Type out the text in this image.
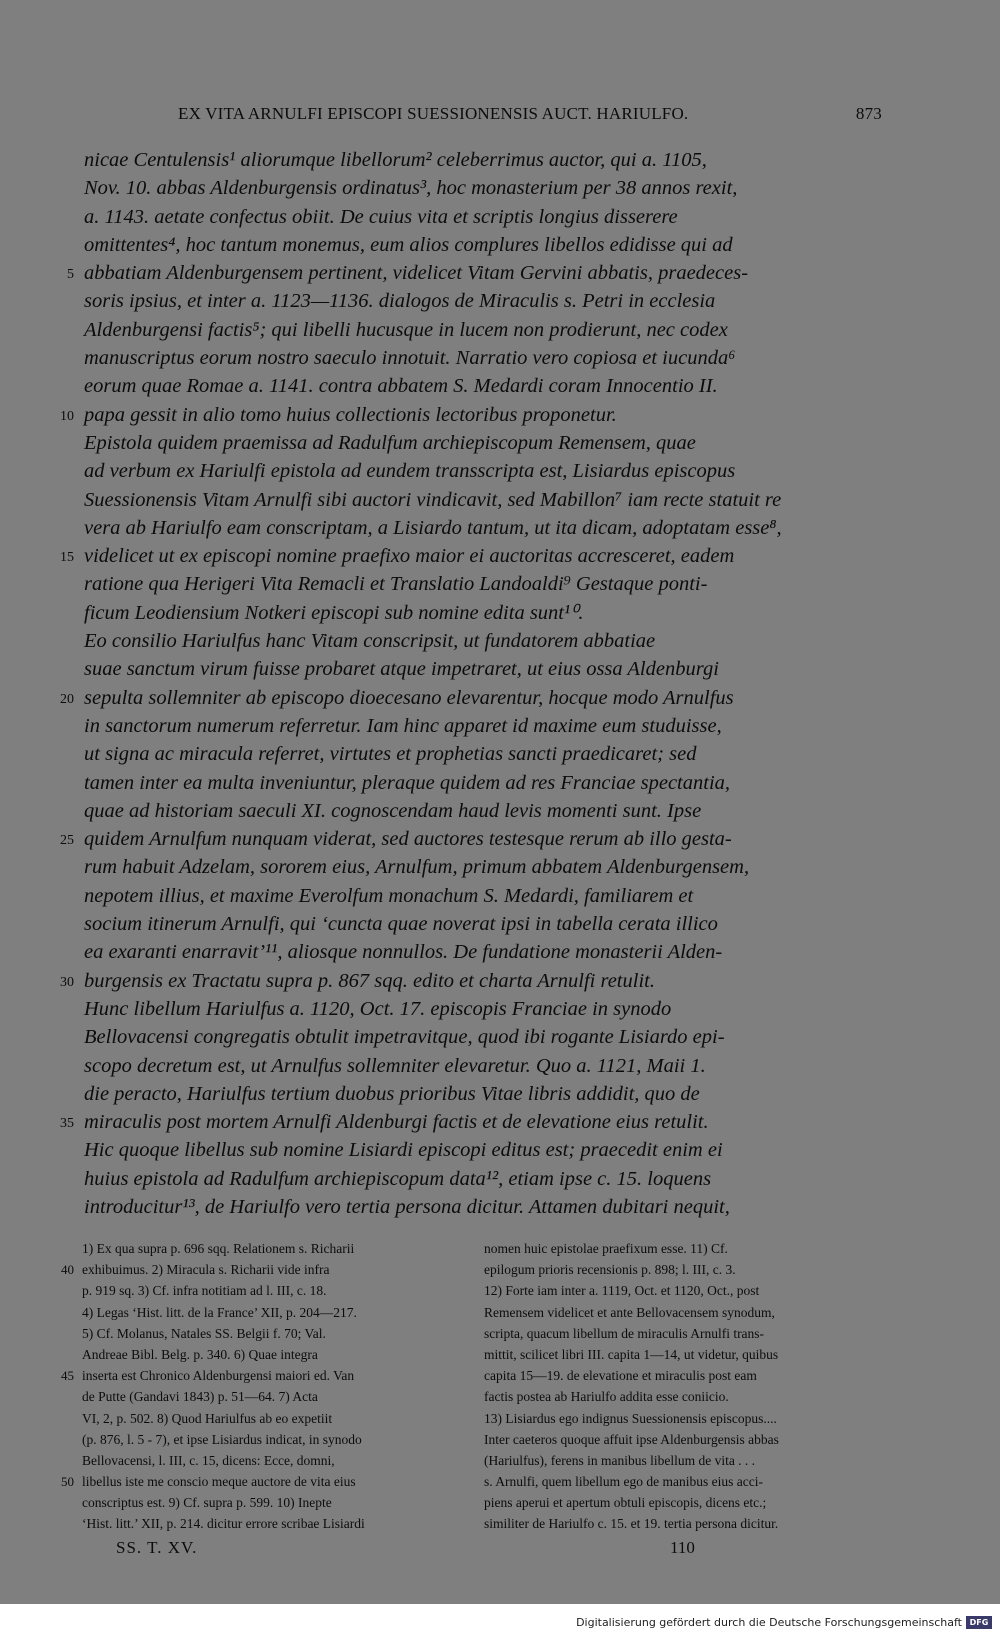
EX VITA ARNULFI EPISCOPI SUESSIONENSIS AUCT. HARIULFO.	873
nicae Centulensis¹ aliorumque libellorum² celeberrimus auctor, qui a. 1105,
Nov. 10. abbas Aldenburgensis ordinatus³, hoc monasterium per 38 annos rexit,
a. 1143. aetate confectus obiit. De cuius vita et scriptis longius disserere
omittentes⁴, hoc tantum monemus, eum alios complures libellos edidisse qui ad
5 abbatiam Aldenburgensem pertinent, videlicet Vitam Gervini abbatis, praedeces-
soris ipsius, et inter a. 1123—1136. dialogos de Miraculis s. Petri in ecclesia
Aldenburgensi factis⁵; qui libelli hucusque in lucem non prodierunt, nec codex
manuscriptus eorum nostro saeculo innotuit. Narratio vero copiosa et iucunda⁶
eorum quae Romae a. 1141. contra abbatem S. Medardi coram Innocentio II.
10 papa gessit in alio tomo huius collectionis lectoribus proponetur.
Epistola quidem praemissa ad Radulfum archiepiscopum Remensem, quae
ad verbum ex Hariulfi epistola ad eundem transscripta est, Lisiardus episcopus
Suessionensis Vitam Arnulfi sibi auctori vindicavit, sed Mabillon⁷ iam recte statuit re
vera ab Hariulfo eam conscriptam, a Lisiardo tantum, ut ita dicam, adoptatam esse⁸,
15 videlicet ut ex episcopi nomine praefixo maior ei auctoritas accresceret, eadem
ratione qua Herigeri Vita Remacli et Translatio Landoaldi⁹ Gestaque ponti-
ficum Leodiensium Notkeri episcopi sub nomine edita sunt¹⁰.
Eo consilio Hariulfus hanc Vitam conscripsit, ut fundatorem abbatiae
suae sanctum virum fuisse probaret atque impetraret, ut eius ossa Aldenburgi
20 sepulta sollemniter ab episcopo dioecesano elevarentur, hocque modo Arnulfus
in sanctorum numerum referretur. Iam hinc apparet id maxime eum studuisse,
ut signa ac miracula referret, virtutes et prophetias sancti praedicaret; sed
tamen inter ea multa inveniuntur, pleraque quidem ad res Franciae spectantia,
quae ad historiam saeculi XI. cognoscendam haud levis momenti sunt. Ipse
25 quidem Arnulfum nunquam viderat, sed auctores testesque rerum ab illo gesta-
rum habuit Adzelam, sororem eius, Arnulfum, primum abbatem Aldenburgensem,
nepotem illius, et maxime Everolfum monachum S. Medardi, familiarem et
socium itinerum Arnulfi, qui ‘cuncta quae noverat ipsi in tabella cerata illico
ea exaranti enarravit’¹¹, aliosque nonnullos. De fundatione monasterii Alden-
30 burgensis ex Tractatu supra p. 867 sqq. edito et charta Arnulfi retulit.
Hunc libellum Hariulfus a. 1120, Oct. 17. episcopis Franciae in synodo
Bellovacensi congregatis obtulit impetravitque, quod ibi rogante Lisiardo epi-
scopo decretum est, ut Arnulfus sollemniter elevaretur. Quo a. 1121, Maii 1.
die peracto, Hariulfus tertium duobus prioribus Vitae libris addidit, quo de
35 miraculis post mortem Arnulfi Aldenburgi factis et de elevatione eius retulit.
Hic quoque libellus sub nomine Lisiardi episcopi editus est; praecedit enim ei
huius epistola ad Radulfum archiepiscopum data¹², etiam ipse c. 15. loquens
introducitur¹³, de Hariulfo vero tertia persona dicitur. Attamen dubitari nequit,
1) Ex qua supra p. 696 sqq. Relationem s. Richarii
40 exhibuimus. 2) Miracula s. Richarii vide infra
p. 919 sq. 3) Cf. infra notitiam ad l. III, c. 18.
4) Legas ‘Hist. litt. de la France’ XII, p. 204—217.
5) Cf. Molanus, Natales SS. Belgii f. 70; Val.
Andreae Bibl. Belg. p. 340. 6) Quae integra
45 inserta est Chronico Aldenburgensi maiori ed. Van
de Putte (Gandavi 1843) p. 51—64. 7) Acta
VI, 2, p. 502. 8) Quod Hariulfus ab eo expetiit
(p. 876, l. 5 - 7), et ipse Lisiardus indicat, in synodo
Bellovacensi, l. III, c. 15, dicens: Ecce, domni,
50 libellus iste me conscio meque auctore de vita eius
conscriptus est. 9) Cf. supra p. 599. 10) Inepte
‘Hist. litt.’ XII, p. 214. dicitur errore scribae Lisiardi
nomen huic epistolae praefixum esse. 11) Cf.
epilogum prioris recensionis p. 898; l. III, c. 3.
12) Forte iam inter a. 1119, Oct. et 1120, Oct., post
Remensem videlicet et ante Bellovacensem synodum,
scripta, quacum libellum de miraculis Arnulfi trans-
mittit, scilicet libri III. capita 1—14, ut videtur, quibus
capita 15—19. de elevatione et miraculis post eam
factis postea ab Hariulfo addita esse coniicio.
13) Lisiardus ego indignus Suessionensis episcopus....
Inter caeteros quoque affuit ipse Aldenburgensis abbas
(Hariulfus), ferens in manibus libellum de vita . . .
s. Arnulfi, quem libellum ego de manibus eius acci-
piens aperui et apertum obtuli episcopis, dicens etc.;
similiter de Hariulfo c. 15. et 19. tertia persona dicitur.
SS. T. XV.	110
Digitalisierung gefördert durch die Deutsche Forschungsgemeinschaft DFG
